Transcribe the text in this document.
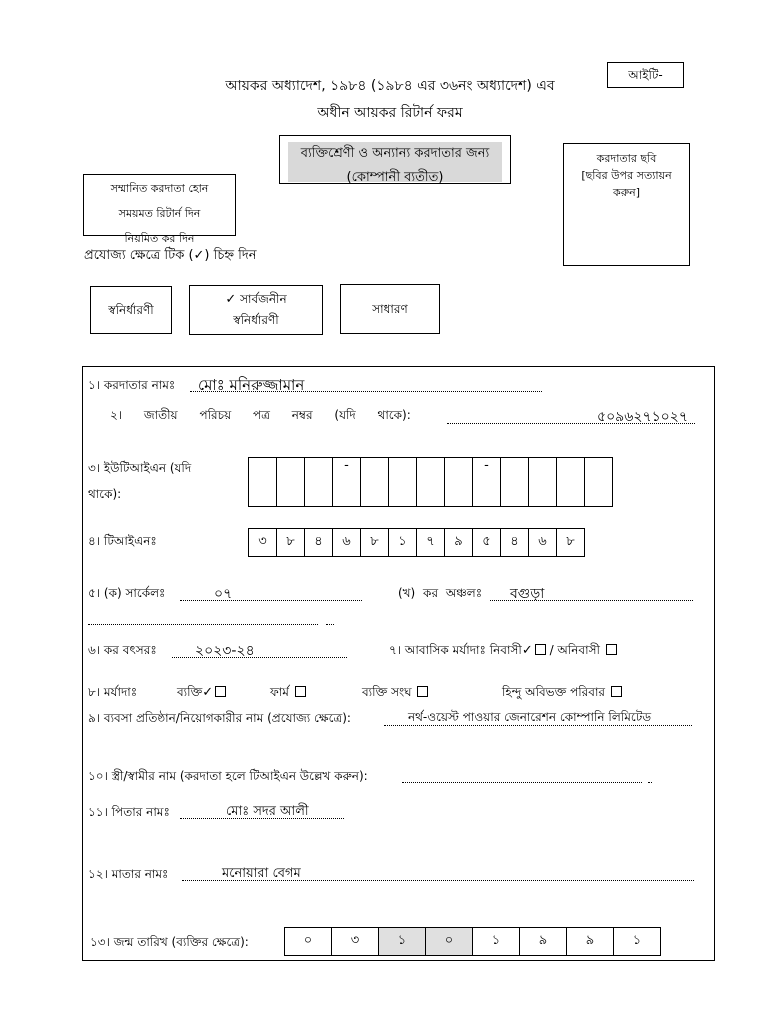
আয়কর অধ্যাদেশ, ১৯৮৪ (১৯৮৪ এর ৩৬নং অধ্যাদেশ) এব
অধীন আয়কর রিটার্ন ফরম
আইটি-
ব্যক্তিশ্রেণী ও অন্যান্য করদাতার জন্য
(কোম্পানী ব্যতীত)
করদাতার ছবি
[ছবির উপর সত্যায়ন
করুন]
সম্মানিত করদাতা হোন
সময়মত রিটার্ন দিন
নিয়মিত কর দিন
প্রযোজ্য ক্ষেত্রে টিক (✓) চিহ্ন দিন
স্বনির্ধারণী
✓ সার্বজনীন
স্বনির্ধারণী
সাধারণ
১। করদাতার নামঃ মোঃ মনিরুজ্জামান
২। জাতীয় পরিচয় পত্র নম্বর (যদি থাকে):	৫০৯৬২৭১০২৭
৩। ইউটিআইএন (যদি
থাকে):
-	-
৪। টিআইএনঃ	৩	৮	৪	৬	৮	১	৭	৯	৫	৪	৬	৮
৫। (ক) সার্কেলঃ	০৭	(খ) কর অঞ্চলঃ বগুড়া
৬। কর বৎসরঃ	২০২৩-২৪	৭। আবাসিক মর্যাদাঃ নিবাসী✓ / অনিবাসী
৮। মর্যাদাঃ	ব্যক্তি✓	ফার্ম	ব্যক্তি সংঘ	হিন্দু অবিভক্ত পরিবার
৯। ব্যবসা প্রতিষ্ঠান/নিয়োগকারীর নাম (প্রযোজ্য ক্ষেত্রে):	নর্থ-ওয়েস্ট পাওয়ার জেনারেশন কোম্পানি লিমিটেড
১০। স্ত্রী/স্বামীর নাম (করদাতা হলে টিআইএন উল্লেখ করুন):
১১। পিতার নামঃ	মোঃ সদর আলী
১২। মাতার নামঃ	মনোয়ারা বেগম
১৩। জন্ম তারিখ (ব্যক্তির ক্ষেত্রে):	০	৩	১	০	১	৯	৯	১
